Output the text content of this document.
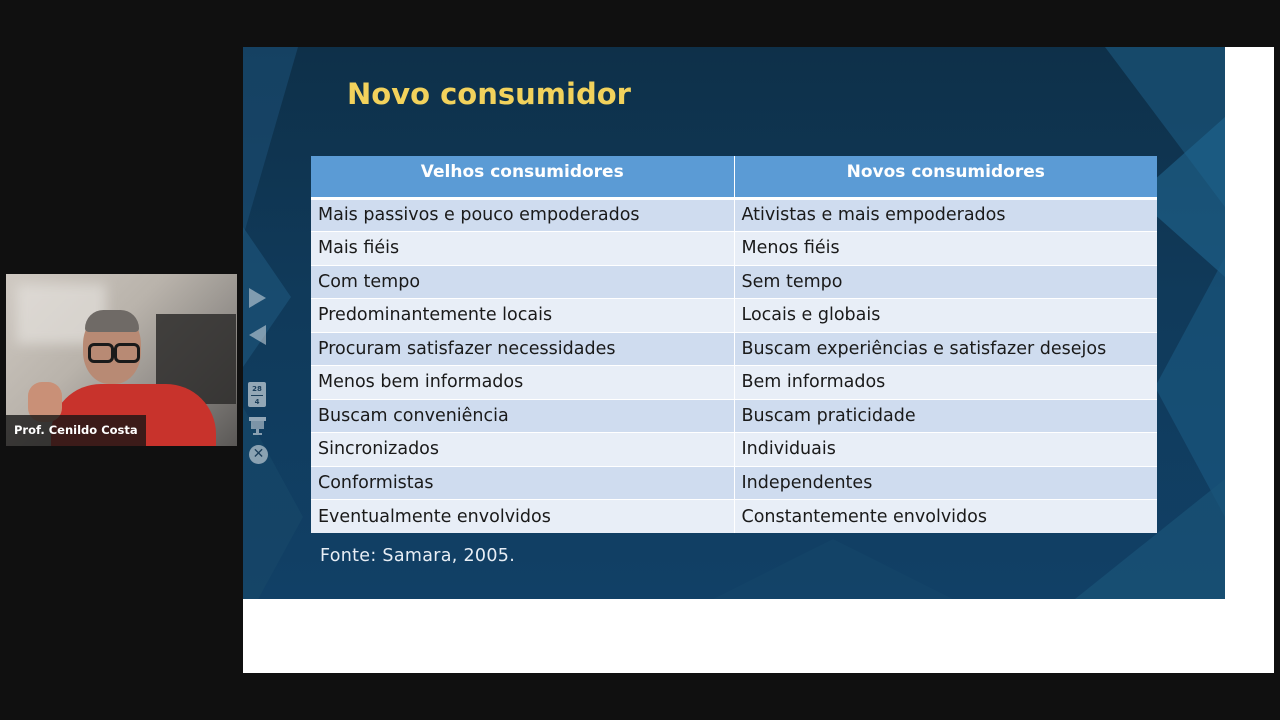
Novo consumidor
Velhos consumidores	Novos consumidores
Mais passivos e pouco empoderados	Ativistas e mais empoderados
Mais fiéis	Menos fiéis
Com tempo	Sem tempo
Predominantemente locais	Locais e globais
Procuram satisfazer necessidades	Buscam experiências e satisfazer desejos
Menos bem informados	Bem informados
Buscam conveniência	Buscam praticidade
Sincronizados	Individuais
Conformistas	Independentes
Eventualmente envolvidos	Constantemente envolvidos
Fonte: Samara, 2005.
28
4
✕
Prof. Cenildo Costa
